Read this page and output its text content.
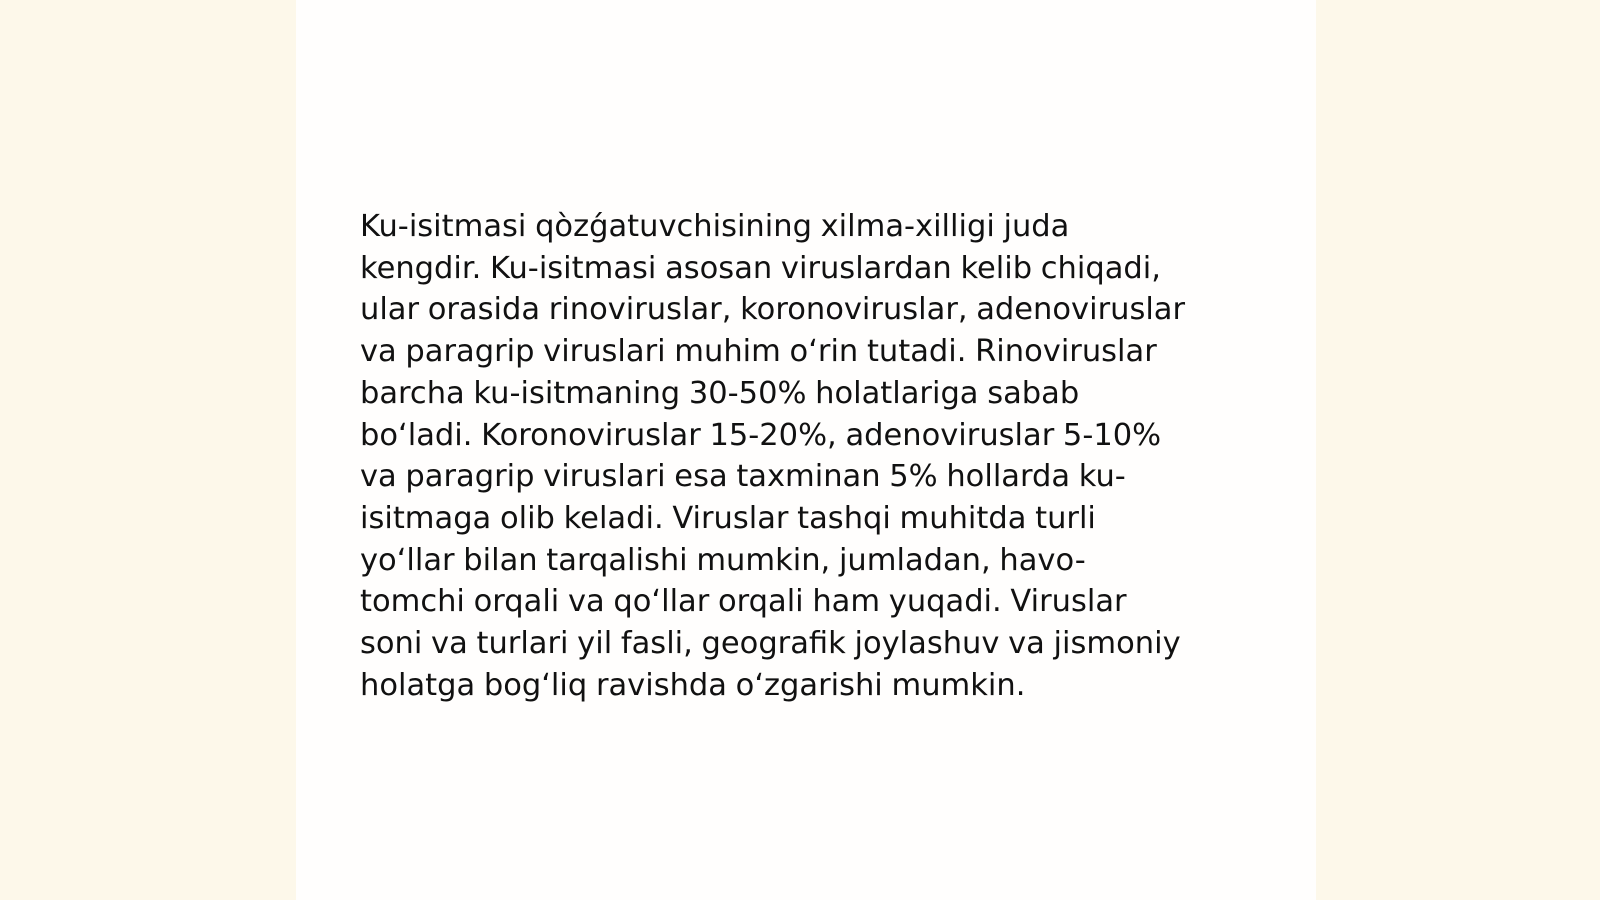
Ku-isitmasi qòzǵatuvchisining xilma-xilligi juda
kengdir. Ku-isitmasi asosan viruslardan kelib chiqadi,
ular orasida rinoviruslar, koronoviruslar, adenoviruslar
va paragrip viruslari muhim oʻrin tutadi. Rinoviruslar
barcha ku-isitmaning 30-50% holatlariga sabab
boʻladi. Koronoviruslar 15-20%, adenoviruslar 5-10%
va paragrip viruslari esa taxminan 5% hollarda ku-
isitmaga olib keladi. Viruslar tashqi muhitda turli
yoʻllar bilan tarqalishi mumkin, jumladan, havo-
tomchi orqali va qoʻllar orqali ham yuqadi. Viruslar
soni va turlari yil fasli, geografik joylashuv va jismoniy
holatga bogʻliq ravishda oʻzgarishi mumkin.
